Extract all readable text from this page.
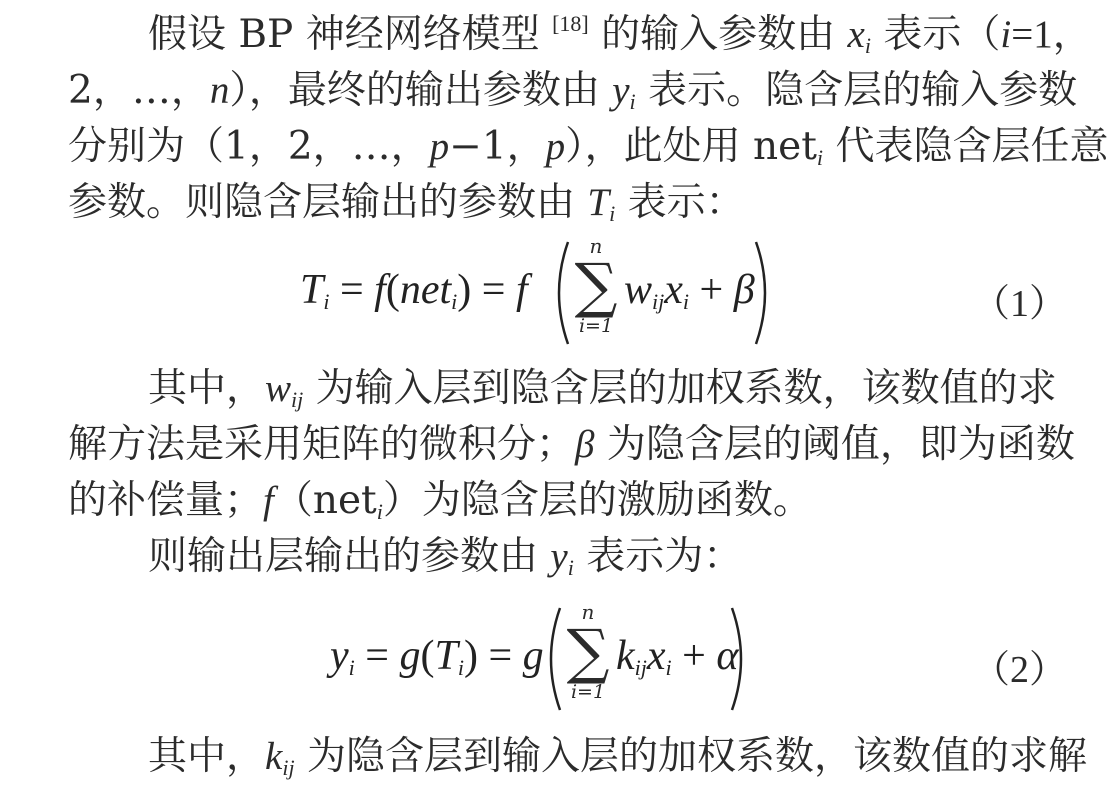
假设 BP 神经网络模型 [18] 的输入参数由 $x_i$ 表示（i=1，
2，…，n），最终的输出参数由 $y_i$ 表示。隐含层的输入参数
分别为（1，2，…，p−1，p），此处用 net$_i$ 代表隐含层任意
参数。则隐含层输出的参数由 $T_i$ 表示：
$T_i = f(net_i) = f$
n
∑
i=1
$w_{ij}x_i + \beta$	（1）
其中，$w_{ij}$ 为输入层到隐含层的加权系数，该数值的求
解方法是采用矩阵的微积分；β 为隐含层的阈值，即为函数
的补偿量；f（net$_i$）为隐含层的激励函数。
则输出层输出的参数由 $y_i$ 表示为：
$y_i = g(T_i) = g$
n
∑
i=1
$k_{ij}x_i + \alpha$	（2）
其中，$k_{ij}$ 为隐含层到输入层的加权系数，该数值的求解
